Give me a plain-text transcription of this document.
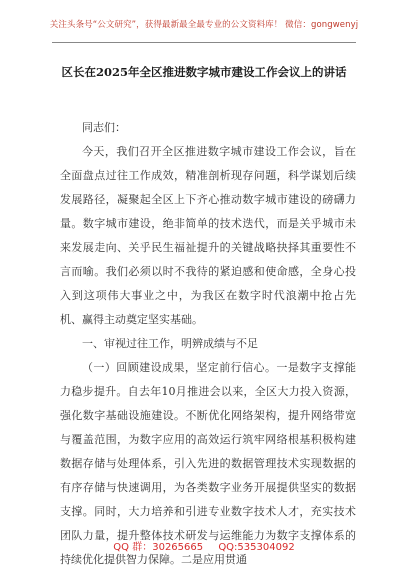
关注头条号“公文研究”，获得最新最全最专业的公文资料库！ 微信：gongwenyj
区长在2025年全区推进数字城市建设工作会议上的讲话

同志们：

今天，我们召开全区推进数字城市建设工作会议，旨在全面盘点过往工作成效，精准剖析现存问题，科学谋划后续发展路径，凝聚起全区上下齐心推动数字城市建设的磅礴力量。数字城市建设，绝非简单的技术迭代，而是关乎城市未来发展走向、关乎民生福祉提升的关键战略抉择其重要性不言而喻。我们必须以时不我待的紧迫感和使命感，全身心投入到这项伟大事业之中，为我区在数字时代浪潮中抢占先机、赢得主动奠定坚实基础。

一、审视过往工作，明辨成绩与不足

（一）回顾建设成果，坚定前行信心。一是数字支撑能力稳步提升。自去年10月推进会以来，全区大力投入资源，强化数字基础设施建设。不断优化网络架构，提升网络带宽与覆盖范围，为数字应用的高效运行筑牢网络根基积极构建数据存储与处理体系，引入先进的数据管理技术实现数据的有序存储与快速调用，为各类数字业务开展提供坚实的数据支撑。同时，大力培养和引进专业数字技术人才，充实技术团队力量，提升整体技术研发与运维能力为数字支撑体系的持续优化提供智力保障。二是应用贯通

QQ 群：30265665 QQ:535304092
